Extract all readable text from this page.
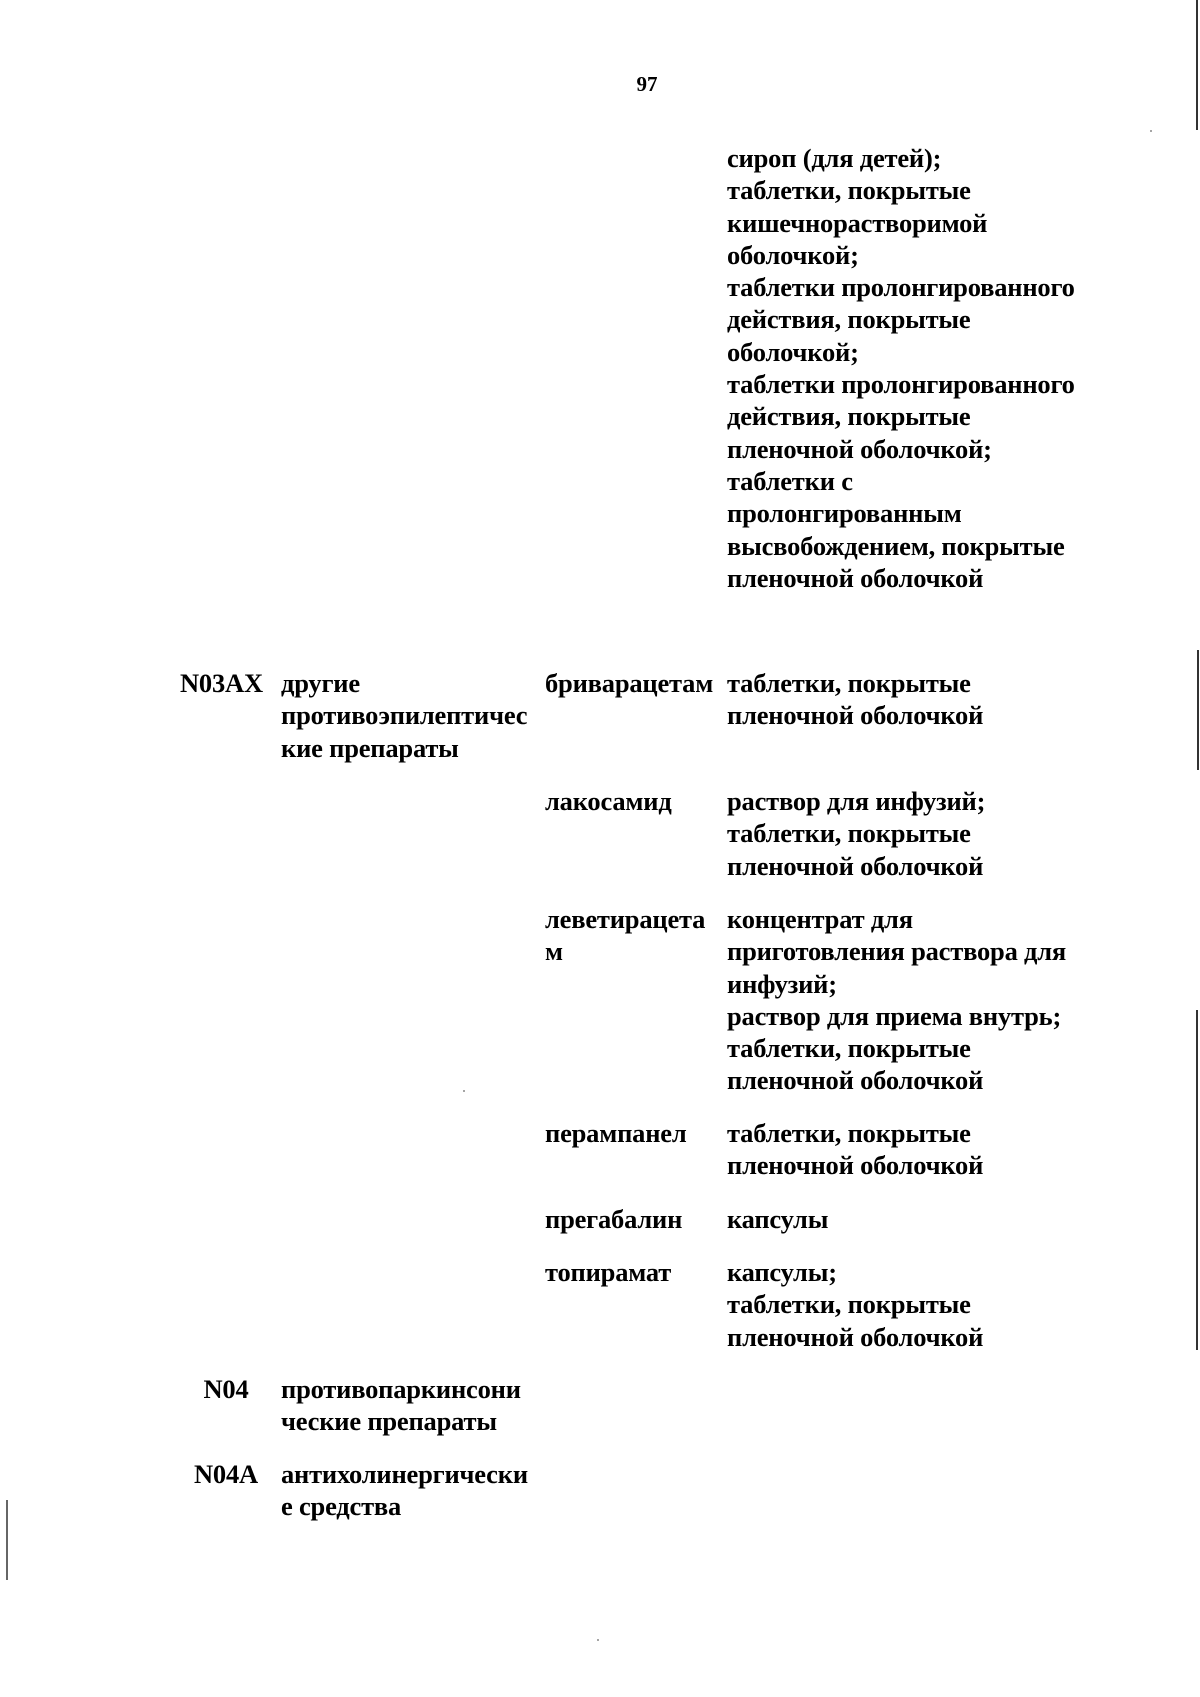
97
сироп (для детей);
таблетки, покрытые
кишечнорастворимой
оболочкой;
таблетки пролонгированного
действия, покрытые
оболочкой;
таблетки пролонгированного
действия, покрытые
пленочной оболочкой;
таблетки с
пролонгированным
высвобождением, покрытые
пленочной оболочкой
N03AX другие
противоэпилептичес
кие препараты
бриварацетам таблетки, покрытые
пленочной оболочкой
лакосамид раствор для инфузий;
таблетки, покрытые
пленочной оболочкой
леветирацета
м
концентрат для
приготовления раствора для
инфузий;
раствор для приема внутрь;
таблетки, покрытые
пленочной оболочкой
перампанел таблетки, покрытые
пленочной оболочкой
прегабалин капсулы
топирамат капсулы;
таблетки, покрытые
пленочной оболочкой
N04	противопаркинсони
ческие препараты
N04A антихолинергически
е средства
